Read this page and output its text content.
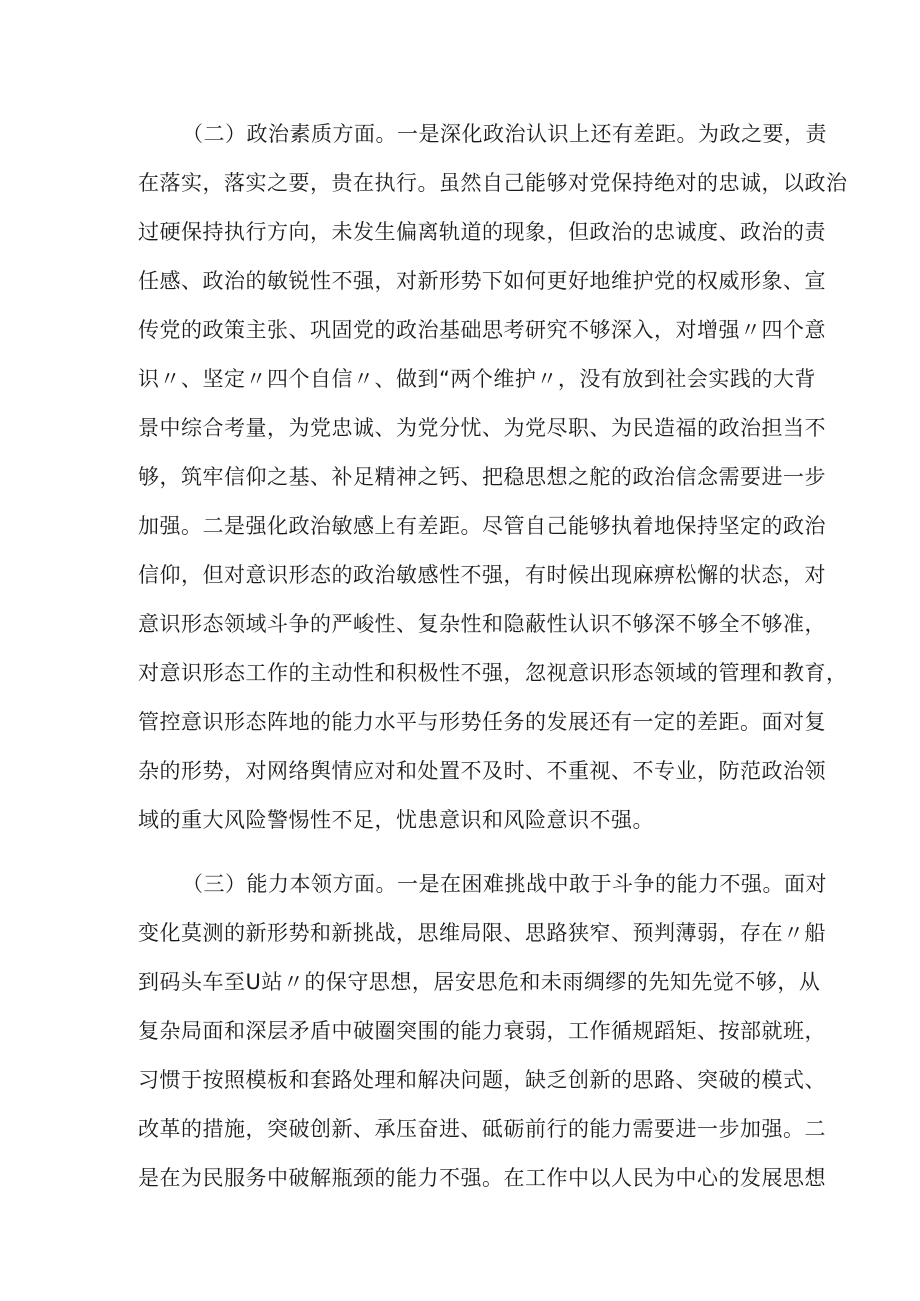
（二）政治素质方面。一是深化政治认识上还有差距。为政之要，责
在落实，落实之要，贵在执行。虽然自己能够对党保持绝对的忠诚，以政治
过硬保持执行方向，未发生偏离轨道的现象，但政治的忠诚度、政治的责
任感、政治的敏锐性不强，对新形势下如何更好地维护党的权威形象、宣
传党的政策主张、巩固党的政治基础思考研究不够深入，对增强〃四个意
识〃、坚定〃四个自信〃、做到“两个维护〃，没有放到社会实践的大背
景中综合考量，为党忠诚、为党分忧、为党尽职、为民造福的政治担当不
够，筑牢信仰之基、补足精神之钙、把稳思想之舵的政治信念需要进一步
加强。二是强化政治敏感上有差距。尽管自己能够执着地保持坚定的政治
信仰，但对意识形态的政治敏感性不强，有时候出现麻痹松懈的状态，对
意识形态领域斗争的严峻性、复杂性和隐蔽性认识不够深不够全不够准，
对意识形态工作的主动性和积极性不强，忽视意识形态领域的管理和教育，
管控意识形态阵地的能力水平与形势任务的发展还有一定的差距。面对复
杂的形势，对网络舆情应对和处置不及时、不重视、不专业，防范政治领
域的重大风险警惕性不足，忧患意识和风险意识不强。
（三）能力本领方面。一是在困难挑战中敢于斗争的能力不强。面对
变化莫测的新形势和新挑战，思维局限、思路狭窄、预判薄弱，存在〃船
到码头车至U站〃的保守思想，居安思危和未雨绸缪的先知先觉不够，从
复杂局面和深层矛盾中破圈突围的能力衰弱，工作循规蹈矩、按部就班，
习惯于按照模板和套路处理和解决问题，缺乏创新的思路、突破的模式、
改革的措施，突破创新、承压奋进、砥砺前行的能力需要进一步加强。二
是在为民服务中破解瓶颈的能力不强。在工作中以人民为中心的发展思想
